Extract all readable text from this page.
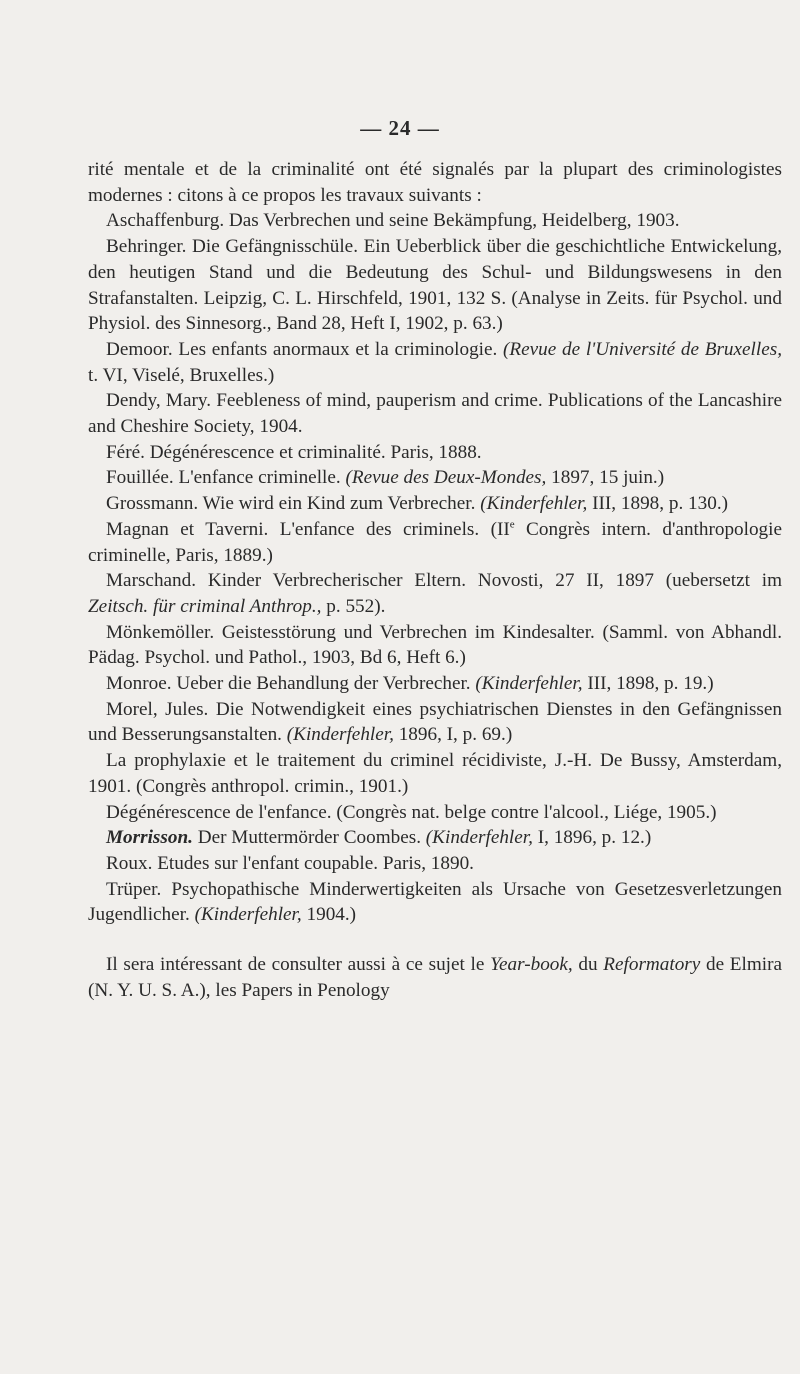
— 24 —

rité mentale et de la criminalité ont été signalés par la plupart des criminologistes modernes : citons à ce propos les travaux suivants :

Aschaffenburg. Das Verbrechen und seine Bekämpfung, Heidelberg, 1903.

Behringer. Die Gefängnisschüle. Ein Ueberblick über die geschichtliche Entwickelung, den heutigen Stand und die Bedeutung des Schul- und Bildungswesens in den Strafanstalten. Leipzig, C. L. Hirschfeld, 1901, 132 S. (Analyse in Zeits. für Psychol. und Physiol. des Sinnesorg., Band 28, Heft I, 1902, p. 63.)

Demoor. Les enfants anormaux et la criminologie. (Revue de l'Université de Bruxelles, t. VI, Viselé, Bruxelles.)

Dendy, Mary. Feebleness of mind, pauperism and crime. Publications of the Lancashire and Cheshire Society, 1904.

Féré. Dégénérescence et criminalité. Paris, 1888.

Fouillée. L'enfance criminelle. (Revue des Deux-Mondes, 1897, 15 juin.)

Grossmann. Wie wird ein Kind zum Verbrecher. (Kinderfehler, III, 1898, p. 130.)

Magnan et Taverni. L'enfance des criminels. (IIe Congrès intern. d'anthropologie criminelle, Paris, 1889.)

Marschand. Kinder Verbrecherischer Eltern. Novosti, 27 II, 1897 (uebersetzt im Zeitsch. für criminal Anthrop., p. 552).

Mönkemöller. Geistesstörung und Verbrechen im Kindesalter. (Samml. von Abhandl. Pädag. Psychol. und Pathol., 1903, Bd 6, Heft 6.)

Monroe. Ueber die Behandlung der Verbrecher. (Kinderfehler, III, 1898, p. 19.)

Morel, Jules. Die Notwendigkeit eines psychiatrischen Dienstes in den Gefängnissen und Besserungsanstalten. (Kinderfehler, 1896, I, p. 69.)

La prophylaxie et le traitement du criminel récidiviste, J.-H. De Bussy, Amsterdam, 1901. (Congrès anthropol. crimin., 1901.)

Dégénérescence de l'enfance. (Congrès nat. belge contre l'alcool., Liége, 1905.)

Morrisson. Der Muttermörder Coombes. (Kinderfehler, I, 1896, p. 12.)

Roux. Etudes sur l'enfant coupable. Paris, 1890.

Trüper. Psychopathische Minderwertigkeiten als Ursache von Gesetzesverletzungen Jugendlicher. (Kinderfehler, 1904.)

Il sera intéressant de consulter aussi à ce sujet le Year-book, du Reformatory de Elmira (N. Y. U. S. A.), les Papers in Penology
